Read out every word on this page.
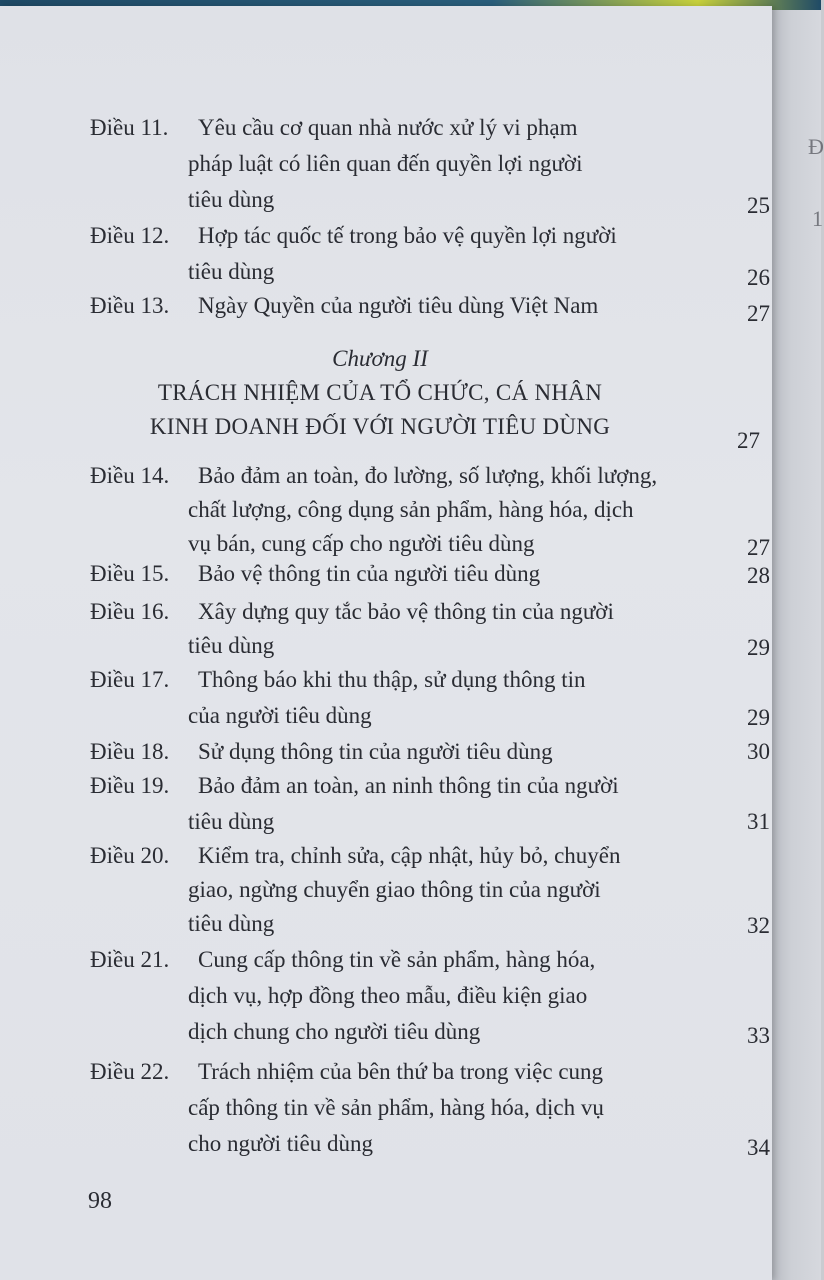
Đ
1
Điều 11. Yêu cầu cơ quan nhà nước xử lý vi phạm
pháp luật có liên quan đến quyền lợi người
tiêu dùng	25
Điều 12. Hợp tác quốc tế trong bảo vệ quyền lợi người
tiêu dùng	26
Điều 13. Ngày Quyền của người tiêu dùng Việt Nam	27
Chương II
TRÁCH NHIỆM CỦA TỔ CHỨC, CÁ NHÂN
KINH DOANH ĐỐI VỚI NGƯỜI TIÊU DÙNG
27
Điều 14. Bảo đảm an toàn, đo lường, số lượng, khối lượng,
chất lượng, công dụng sản phẩm, hàng hóa, dịch
vụ bán, cung cấp cho người tiêu dùng	27
Điều 15. Bảo vệ thông tin của người tiêu dùng	28
Điều 16. Xây dựng quy tắc bảo vệ thông tin của người
tiêu dùng	29
Điều 17. Thông báo khi thu thập, sử dụng thông tin
của người tiêu dùng	29
Điều 18. Sử dụng thông tin của người tiêu dùng	30
Điều 19. Bảo đảm an toàn, an ninh thông tin của người
tiêu dùng	31
Điều 20. Kiểm tra, chỉnh sửa, cập nhật, hủy bỏ, chuyển
giao, ngừng chuyển giao thông tin của người
tiêu dùng	32
Điều 21. Cung cấp thông tin về sản phẩm, hàng hóa,
dịch vụ, hợp đồng theo mẫu, điều kiện giao
dịch chung cho người tiêu dùng	33
Điều 22. Trách nhiệm của bên thứ ba trong việc cung
cấp thông tin về sản phẩm, hàng hóa, dịch vụ
cho người tiêu dùng	34
98
